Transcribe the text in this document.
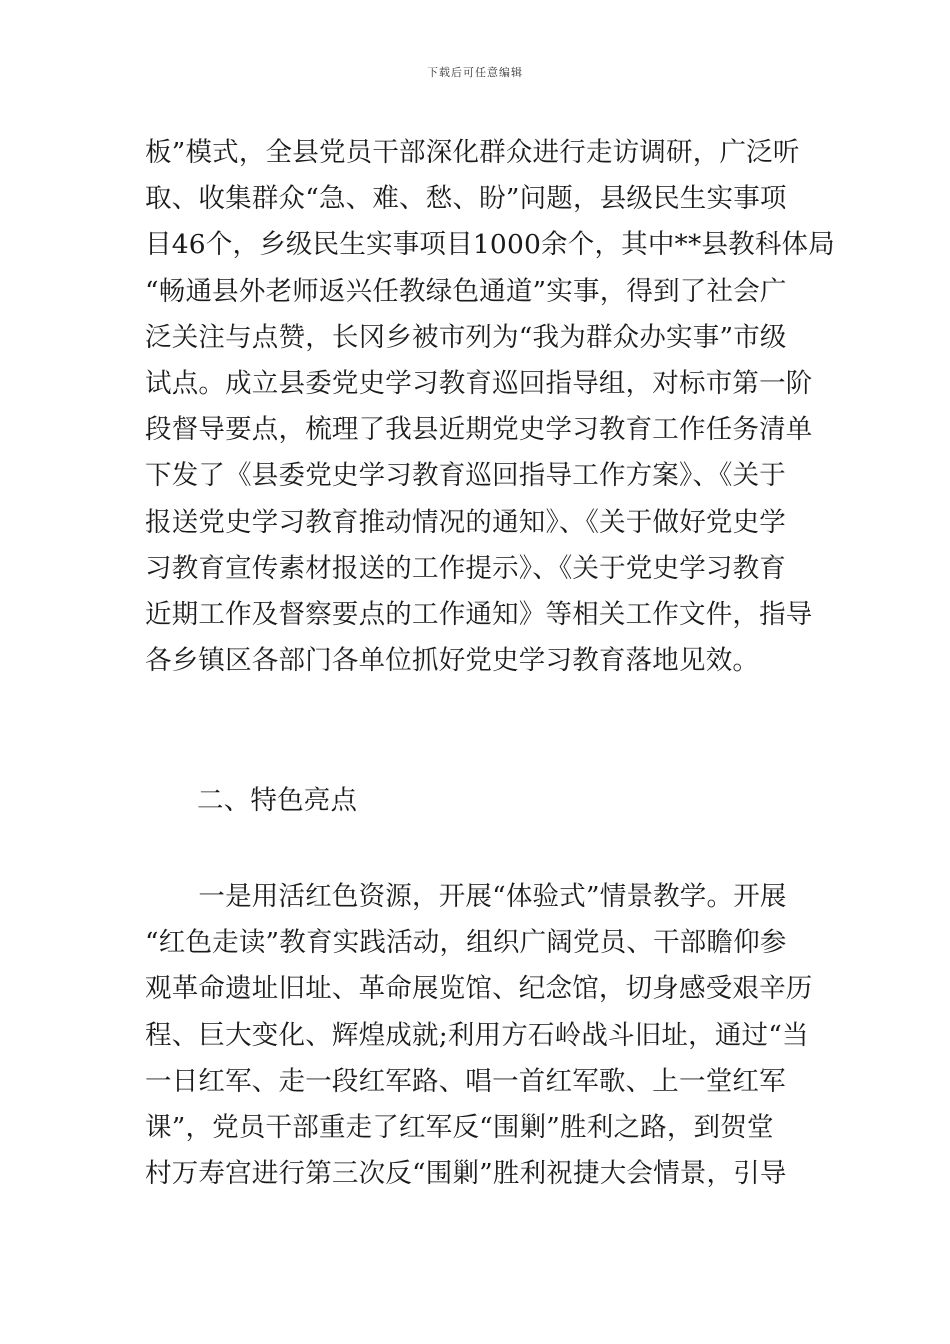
下载后可任意编辑

板”模式，全县党员干部深化群众进行走访调研，广泛听
取、收集群众“急、难、愁、盼”问题，县级民生实事项
目46个，乡级民生实事项目1000余个，其中**县教科体局
“畅通县外老师返兴任教绿色通道”实事，得到了社会广
泛关注与点赞，长冈乡被市列为“我为群众办实事”市级
试点。成立县委党史学习教育巡回指导组，对标市第一阶
段督导要点，梳理了我县近期党史学习教育工作任务清单
下发了《县委党史学习教育巡回指导工作方案》、《关于
报送党史学习教育推动情况的通知》、《关于做好党史学
习教育宣传素材报送的工作提示》、《关于党史学习教育
近期工作及督察要点的工作通知》等相关工作文件，指导
各乡镇区各部门各单位抓好党史学习教育落地见效。

二、特色亮点

　　一是用活红色资源，开展“体验式”情景教学。开展
“红色走读”教育实践活动，组织广阔党员、干部瞻仰参
观革命遗址旧址、革命展览馆、纪念馆，切身感受艰辛历
程、巨大变化、辉煌成就;利用方石岭战斗旧址，通过“当
一日红军、走一段红军路、唱一首红军歌、上一堂红军
课”，党员干部重走了红军反“围剿”胜利之路，到贺堂
村万寿宫进行第三次反“围剿”胜利祝捷大会情景，引导
